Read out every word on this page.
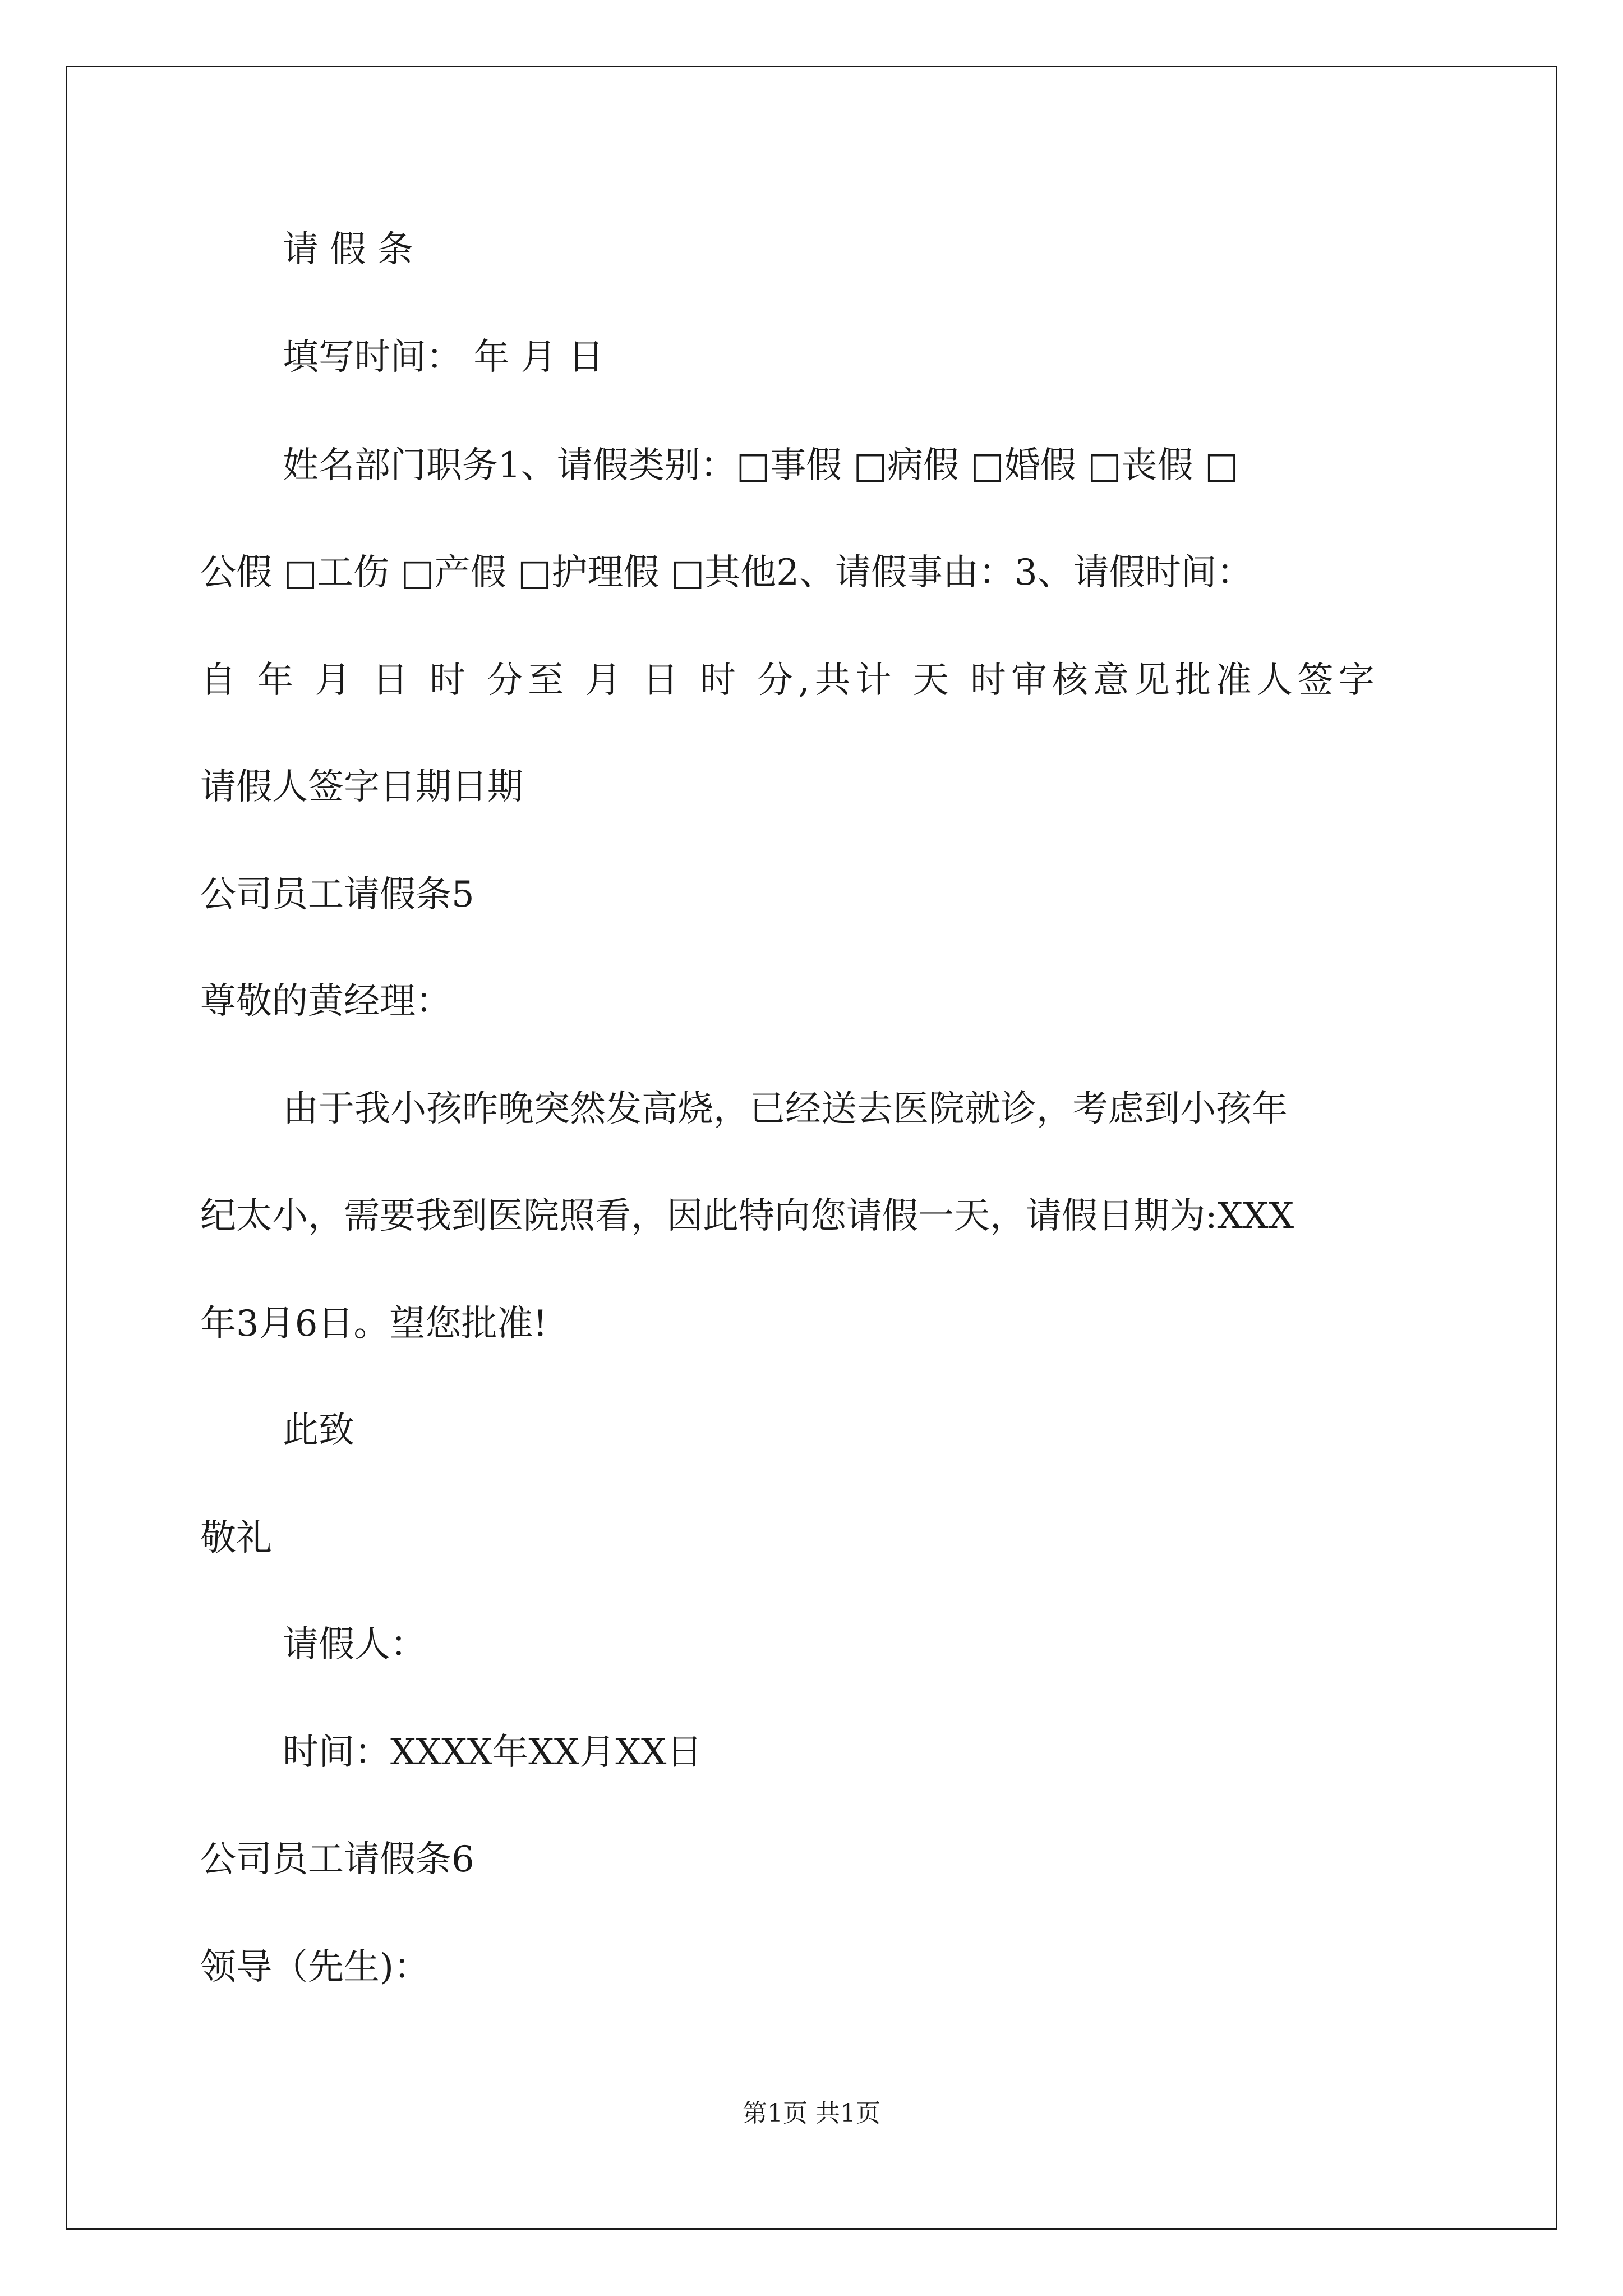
请 假 条
填写时间： 年 月 日
姓名部门职务1、请假类别：□事假 □病假 □婚假 □丧假 □
公假 □工伤 □产假 □护理假 □其他2、请假事由：3、请假时间：
自 年 月 日 时 分至 月 日 时 分,共计 天 时审核意见批准人签字
请假人签字日期日期
公司员工请假条5
尊敬的黄经理：
由于我小孩昨晚突然发高烧，已经送去医院就诊，考虑到小孩年
纪太小，需要我到医院照看，因此特向您请假一天，请假日期为:XXX
年3月6日。望您批准!
此致
敬礼
请假人：
时间：XXXX年XX月XX日
公司员工请假条6
领导（先生)：
第1页 共1页
